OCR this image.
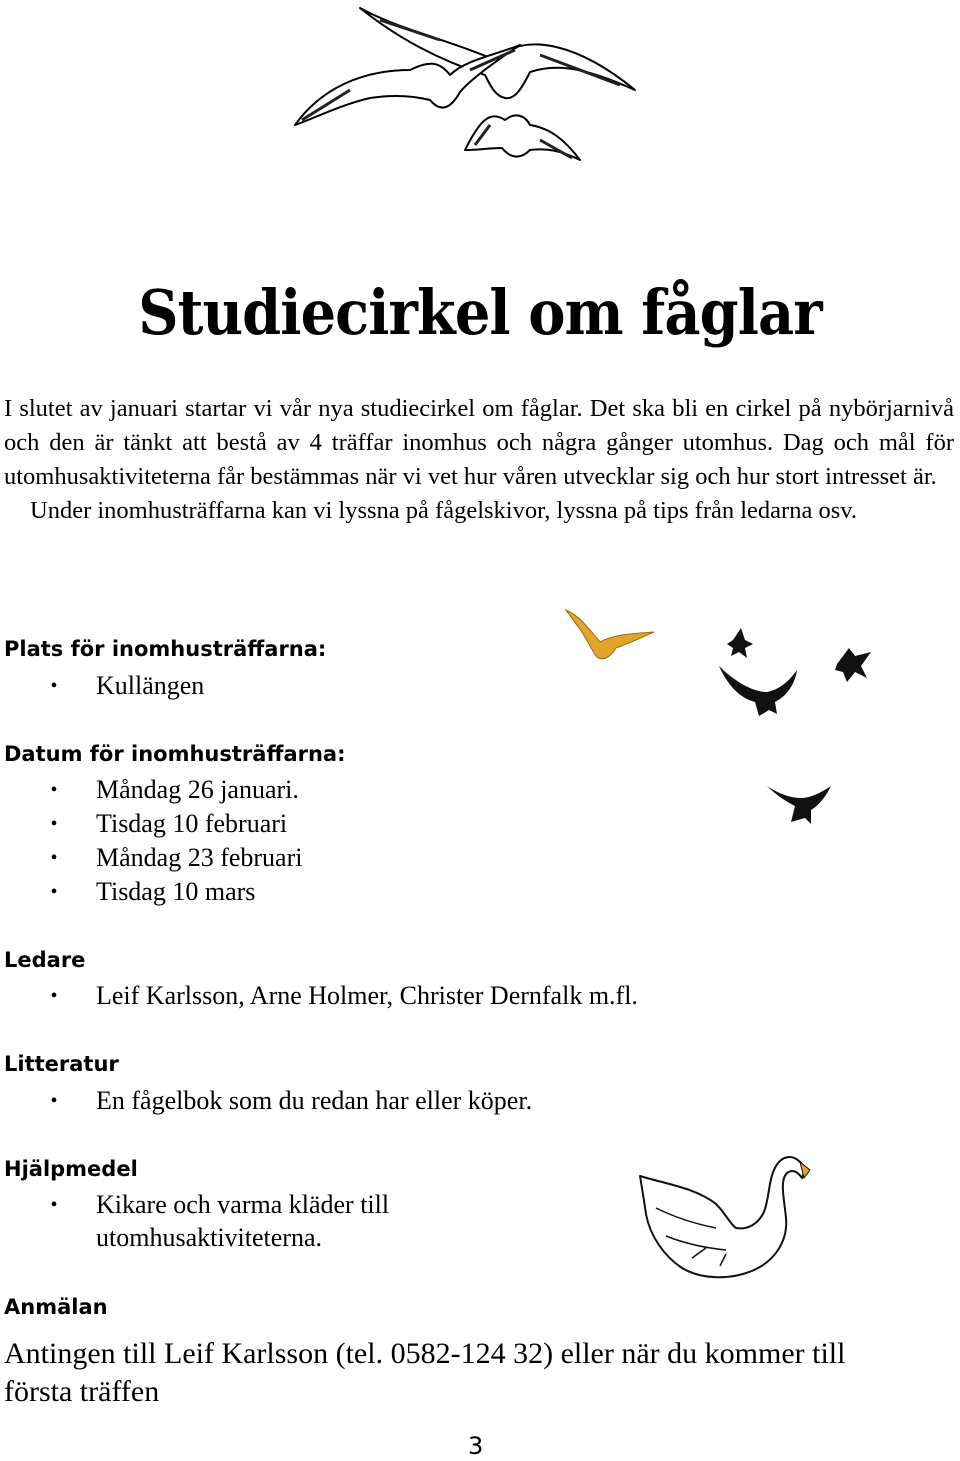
Studiecirkel om fåglar

I slutet av januari startar vi vår nya studiecirkel om fåglar. Det ska bli en cirkel på nybörjarnivå och den är tänkt att bestå av 4 träffar inomhus och några gånger utomhus. Dag och mål för utomhusaktiviteterna får bestämmas när vi vet hur våren utvecklar sig och hur stort intresset är.

Under inomhusträffarna kan vi lyssna på fågelskivor, lyssna på tips från ledarna osv.

Plats för inomhusträffarna:
• Kullängen
Datum för inomhusträffarna:
• Måndag 26 januari.
• Tisdag 10 februari
• Måndag 23 februari
• Tisdag 10 mars
Ledare
• Leif Karlsson, Arne Holmer, Christer Dernfalk m.fl.
Litteratur
• En fågelbok som du redan har eller köper.
Hjälpmedel
• Kikare och varma kläder till
utomhusaktiviteterna.
Anmälan
Antingen till Leif Karlsson (tel. 0582-124 32) eller när du kommer till
första träffen
3
